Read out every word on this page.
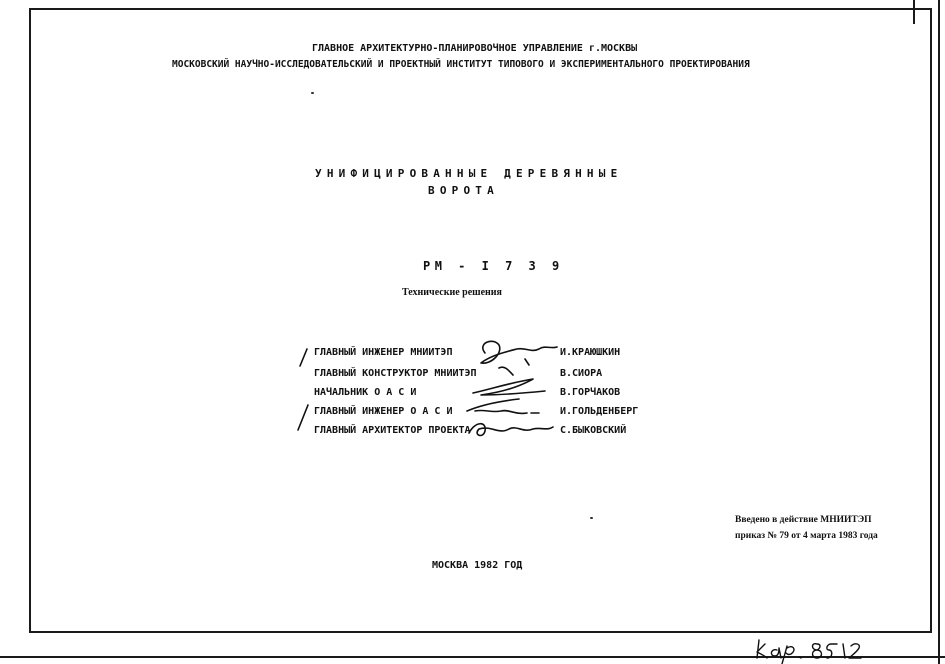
ГЛАВНОЕ АРХИТЕКТУРНО-ПЛАНИРОВОЧНОЕ УПРАВЛЕНИЕ г.МОСКВЫ
МОСКОВСКИЙ НАУЧНО-ИССЛЕДОВАТЕЛЬСКИЙ И ПРОЕКТНЫЙ ИНСТИТУТ ТИПОВОГО И ЭКСПЕРИМЕНТАЛЬНОГО ПРОЕКТИРОВАНИЯ
УНИФИЦИРОВАННЫЕ ДЕРЕВЯННЫЕ
ВОРОТА
РМ - I 7 3 9
Технические решения
ГЛАВНЫЙ ИНЖЕНЕР МНИИТЭП	И.КРАЮШКИН
ГЛАВНЫЙ КОНСТРУКТОР МНИИТЭП	В.СИОРА
НАЧАЛЬНИК О А С И	В.ГОРЧАКОВ
ГЛАВНЫЙ ИНЖЕНЕР О А С И	И.ГОЛЬДЕНБЕРГ
ГЛАВНЫЙ АРХИТЕКТОР ПРОЕКТА	С.БЫКОВСКИЙ
Введено в действие МНИИТЭП
приказ № 79 от 4 марта 1983 года
МОСКВА 1982 ГОД
